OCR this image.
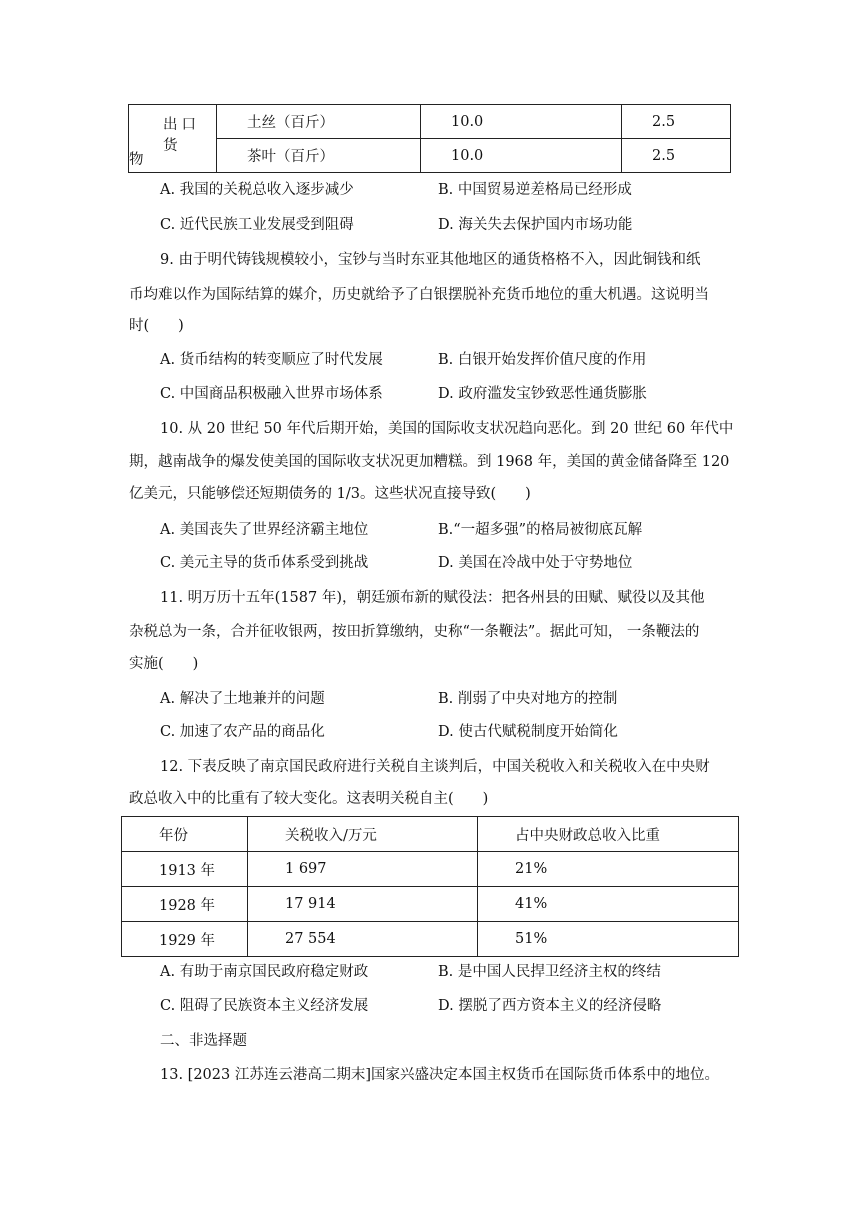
出口货
物	土丝（百斤）	10.0	2.5
	茶叶（百斤）	10.0	2.5
A. 我国的关税总收入逐步减少	B. 中国贸易逆差格局已经形成
C. 近代民族工业发展受到阻碍	D. 海关失去保护国内市场功能
9. 由于明代铸钱规模较小，宝钞与当时东亚其他地区的通货格格不入，因此铜钱和纸
币均难以作为国际结算的媒介，历史就给予了白银摆脱补充货币地位的重大机遇。这说明当
时(　　)
A. 货币结构的转变顺应了时代发展	B. 白银开始发挥价值尺度的作用
C. 中国商品积极融入世界市场体系	D. 政府滥发宝钞致恶性通货膨胀
10. 从 20 世纪 50 年代后期开始，美国的国际收支状况趋向恶化。到 20 世纪 60 年代中
期，越南战争的爆发使美国的国际收支状况更加糟糕。到 1968 年，美国的黄金储备降至 120
亿美元，只能够偿还短期债务的 1/3。这些状况直接导致(　　)
A. 美国丧失了世界经济霸主地位	B.“一超多强”的格局被彻底瓦解
C. 美元主导的货币体系受到挑战	D. 美国在冷战中处于守势地位
11. 明万历十五年(1587 年)，朝廷颁布新的赋役法：把各州县的田赋、赋役以及其他
杂税总为一条，合并征收银两，按田折算缴纳，史称“一条鞭法”。据此可知， 一条鞭法的
实施(　　)
A. 解决了土地兼并的问题	B. 削弱了中央对地方的控制
C. 加速了农产品的商品化	D. 使古代赋税制度开始简化
12. 下表反映了南京国民政府进行关税自主谈判后，中国关税收入和关税收入在中央财
政总收入中的比重有了较大变化。这表明关税自主(　　)
年份	关税收入/万元	占中央财政总收入比重
1913 年	1 697	21%
1928 年	17 914	41%
1929 年	27 554	51%
A. 有助于南京国民政府稳定财政	B. 是中国人民捍卫经济主权的终结
C. 阻碍了民族资本主义经济发展	D. 摆脱了西方资本主义的经济侵略
二、非选择题
13. [2023 江苏连云港高二期末]国家兴盛决定本国主权货币在国际货币体系中的地位。
